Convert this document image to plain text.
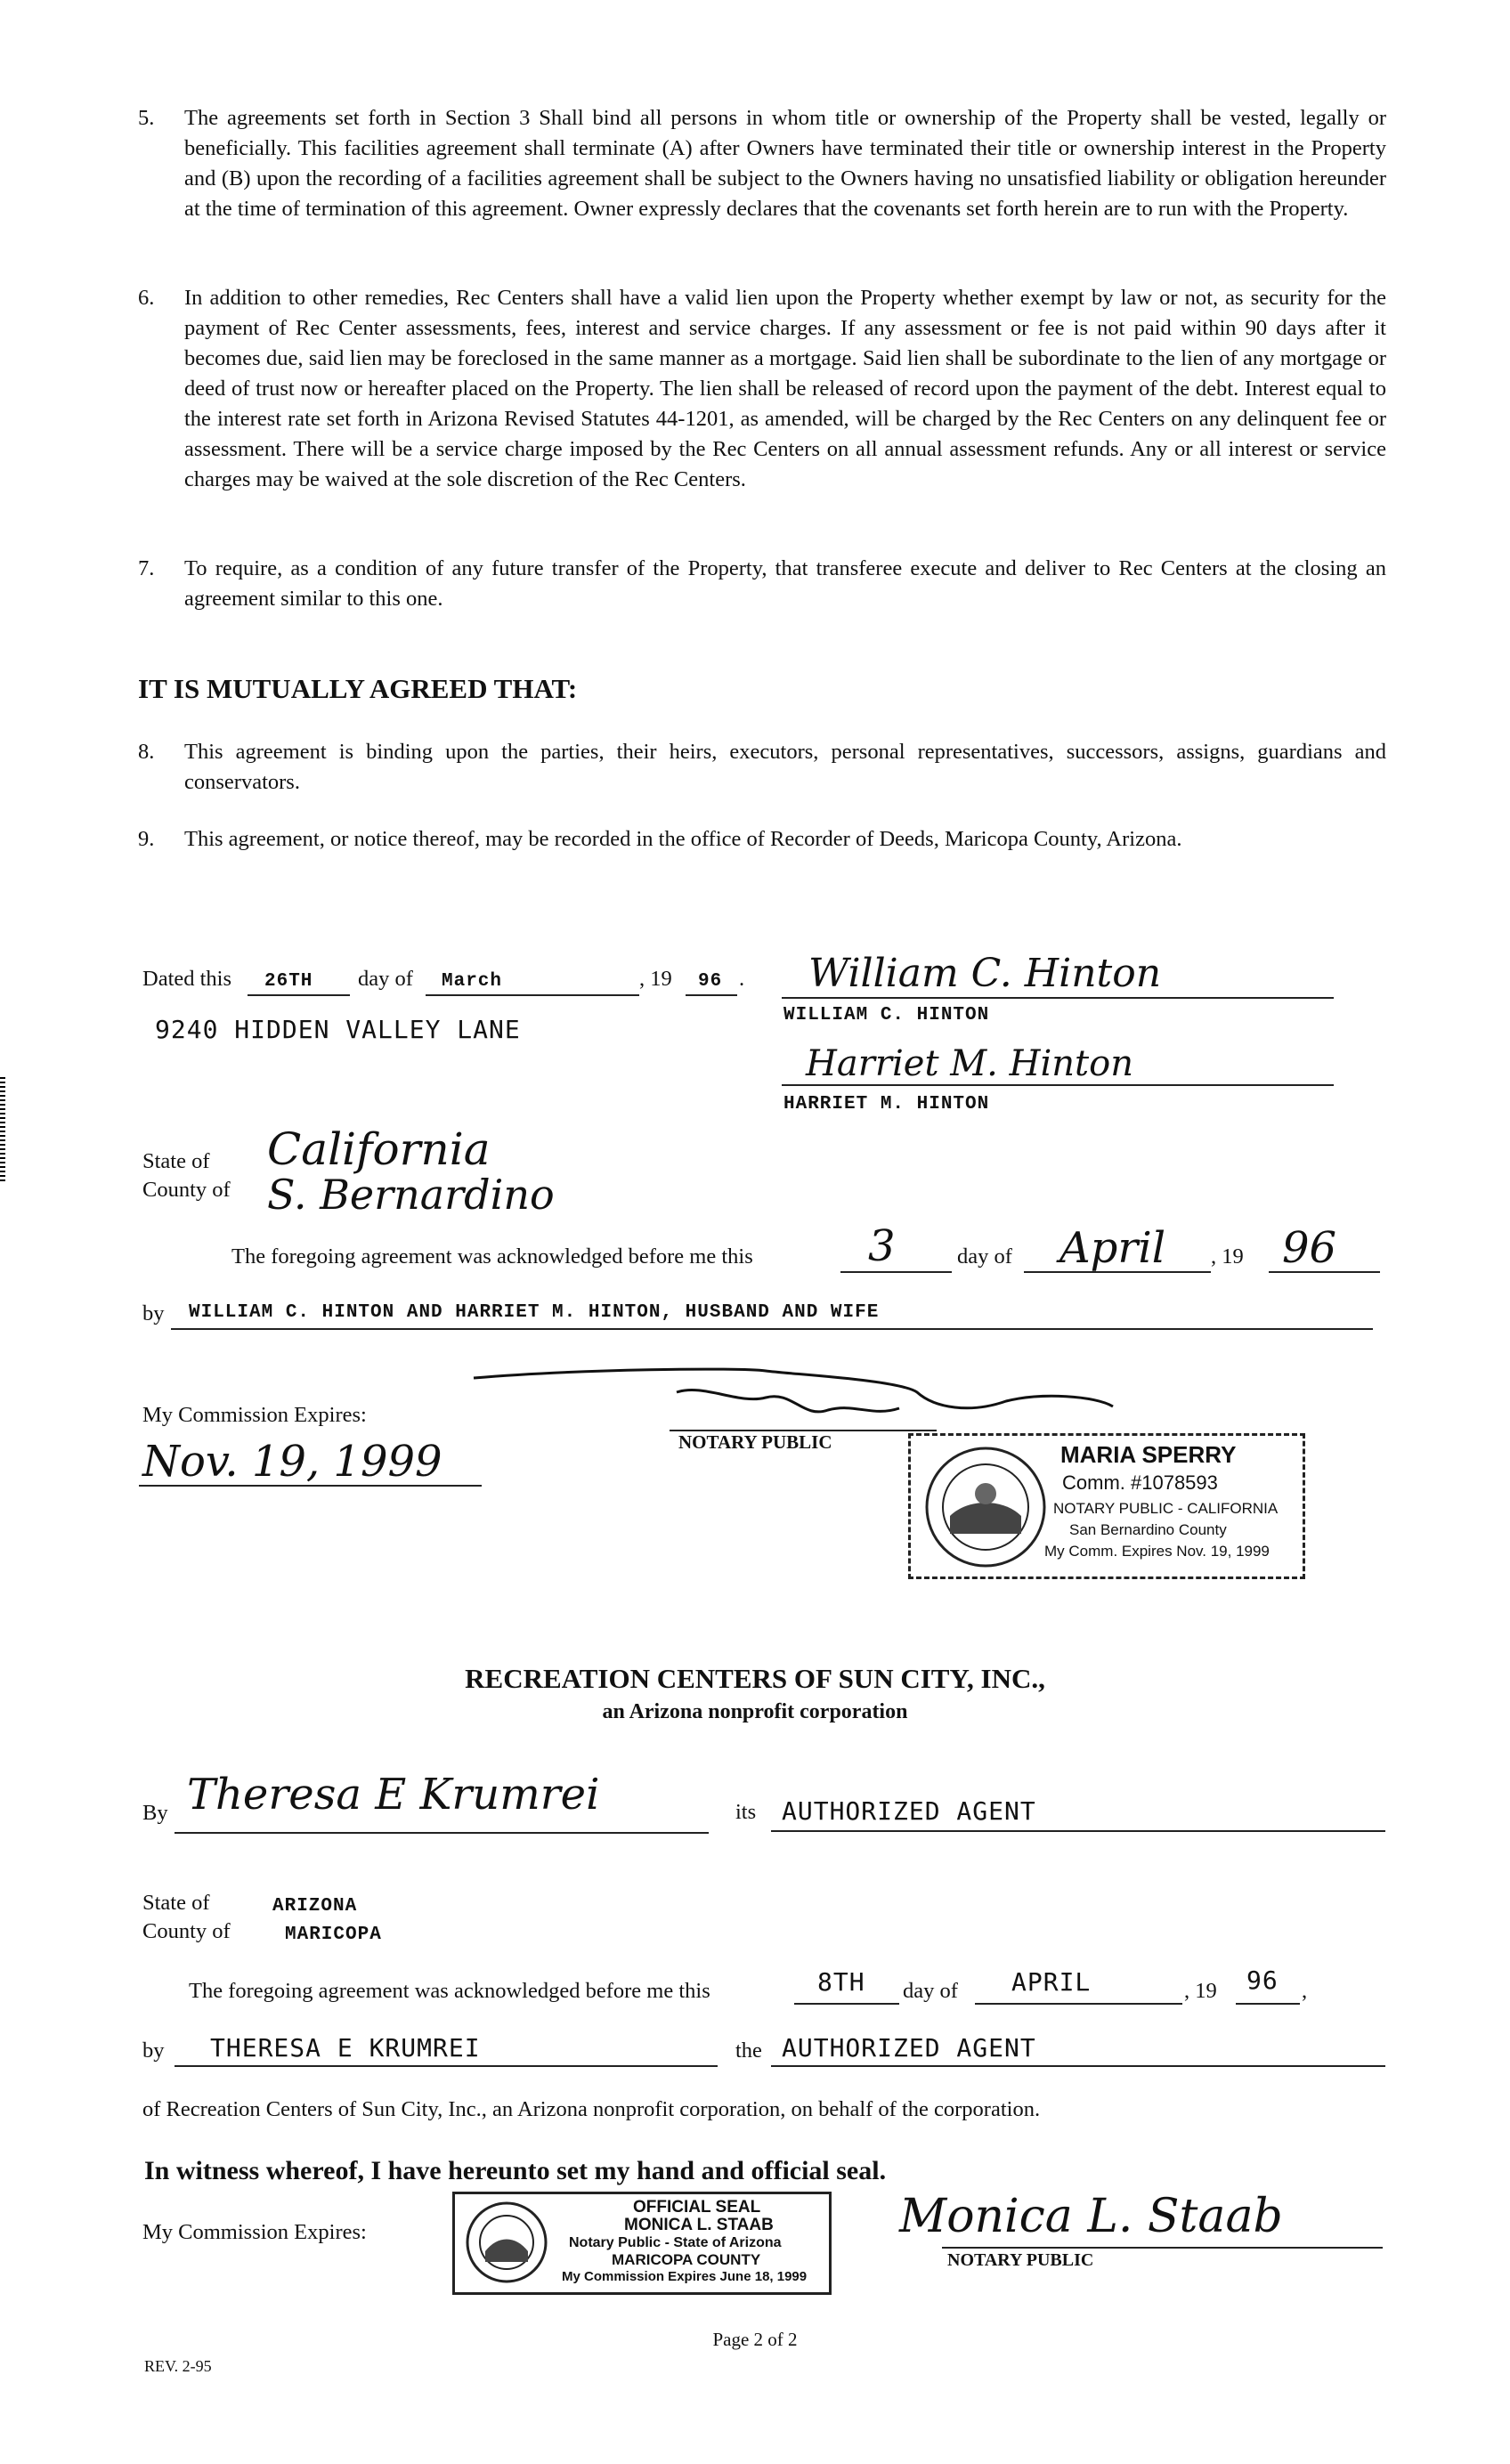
5. The agreements set forth in Section 3 Shall bind all persons in whom title or ownership of the Property shall be vested, legally or beneficially. This facilities agreement shall terminate (A) after Owners have terminated their title or ownership interest in the Property and (B) upon the recording of a facilities agreement shall be subject to the Owners having no unsatisfied liability or obligation hereunder at the time of termination of this agreement. Owner expressly declares that the covenants set forth herein are to run with the Property.
6. In addition to other remedies, Rec Centers shall have a valid lien upon the Property whether exempt by law or not, as security for the payment of Rec Center assessments, fees, interest and service charges. If any assessment or fee is not paid within 90 days after it becomes due, said lien may be foreclosed in the same manner as a mortgage. Said lien shall be subordinate to the lien of any mortgage or deed of trust now or hereafter placed on the Property. The lien shall be released of record upon the payment of the debt. Interest equal to the interest rate set forth in Arizona Revised Statutes 44-1201, as amended, will be charged by the Rec Centers on any delinquent fee or assessment. There will be a service charge imposed by the Rec Centers on all annual assessment refunds. Any or all interest or service charges may be waived at the sole discretion of the Rec Centers.
7. To require, as a condition of any future transfer of the Property, that transferee execute and deliver to Rec Centers at the closing an agreement similar to this one.
IT IS MUTUALLY AGREED THAT:
8. This agreement is binding upon the parties, their heirs, executors, personal representatives, successors, assigns, guardians and conservators.
9. This agreement, or notice thereof, may be recorded in the office of Recorder of Deeds, Maricopa County, Arizona.
Dated this 26TH day of March	, 19 96 .
9240 HIDDEN VALLEY LANE
William C. Hinton
WILLIAM C. HINTON
Harriet M. Hinton
HARRIET M. HINTON
State of California
County of S. Bernardino
The foregoing agreement was acknowledged before me this	3	day of April , 19 96
by WILLIAM C. HINTON AND HARRIET M. HINTON, HUSBAND AND WIFE
My Commission Expires:
Nov. 19, 1999	NOTARY PUBLIC	MARIA SPERRY
Comm. #1078593
NOTARY PUBLIC - CALIFORNIA
San Bernardino County
My Comm. Expires Nov. 19, 1999
RECREATION CENTERS OF SUN CITY, INC.,
an Arizona nonprofit corporation
By Theresa E Krumrei	its AUTHORIZED AGENT
State of	ARIZONA
County of	MARICOPA
The foregoing agreement was acknowledged before me this	8TH day of APRIL	, 19 96 ,
by THERESA E KRUMREI	the AUTHORIZED AGENT
of Recreation Centers of Sun City, Inc., an Arizona nonprofit corporation, on behalf of the corporation.
In witness whereof, I have hereunto set my hand and official seal.
My Commission Expires:
OFFICIAL SEAL
MONICA L. STAAB
Notary Public - State of Arizona
MARICOPA COUNTY
My Commission Expires June 18, 1999
Monica L. Staab
NOTARY PUBLIC
Page 2 of 2
REV. 2-95
